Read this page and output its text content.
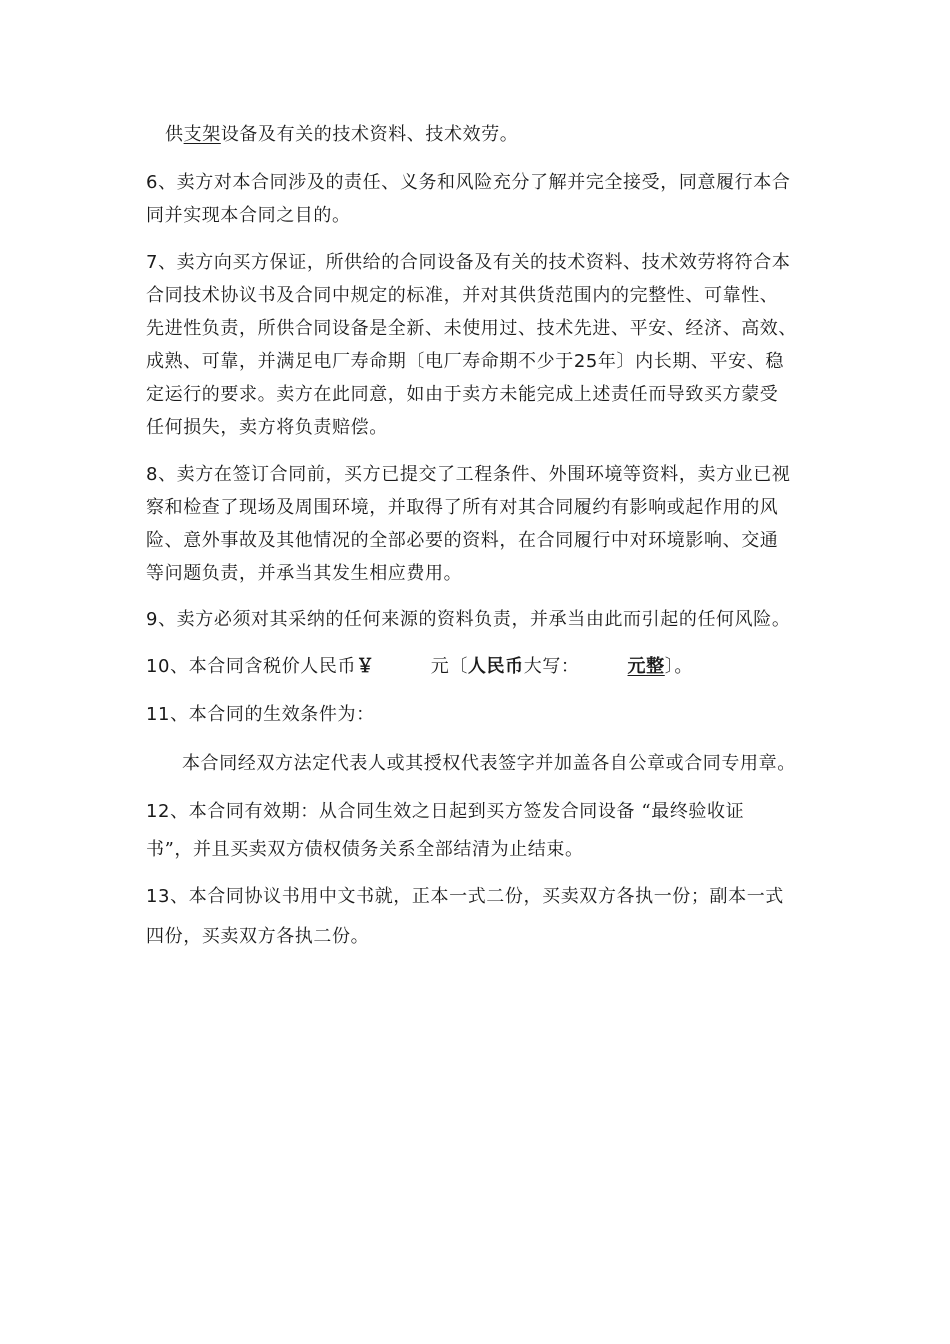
供支架设备及有关的技术资料、技术效劳。
6、卖方对本合同涉及的责任、义务和风险充分了解并完全接受，同意履行本合
同并实现本合同之目的。
7、卖方向买方保证，所供给的合同设备及有关的技术资料、技术效劳将符合本
合同技术协议书及合同中规定的标准，并对其供货范围内的完整性、可靠性、
先进性负责，所供合同设备是全新、未使用过、技术先进、平安、经济、高效、
成熟、可靠，并满足电厂寿命期〔电厂寿命期不少于25年〕内长期、平安、稳
定运行的要求。卖方在此同意，如由于卖方未能完成上述责任而导致买方蒙受
任何损失，卖方将负责赔偿。
8、卖方在签订合同前，买方已提交了工程条件、外围环境等资料，卖方业已视
察和检查了现场及周围环境，并取得了所有对其合同履约有影响或起作用的风
险、意外事故及其他情况的全部必要的资料，在合同履行中对环境影响、交通
等问题负责，并承当其发生相应费用。
9、卖方必须对其采纳的任何来源的资料负责，并承当由此而引起的任何风险。
10、本合同含税价人民币￥	元〔人民币大写：	元整〕。
11、本合同的生效条件为：
本合同经双方法定代表人或其授权代表签字并加盖各自公章或合同专用章。
12、本合同有效期：从合同生效之日起到买方签发合同设备 “最终验收证
书”，并且买卖双方债权债务关系全部结清为止结束。
13、本合同协议书用中文书就，正本一式二份，买卖双方各执一份；副本一式
四份，买卖双方各执二份。
